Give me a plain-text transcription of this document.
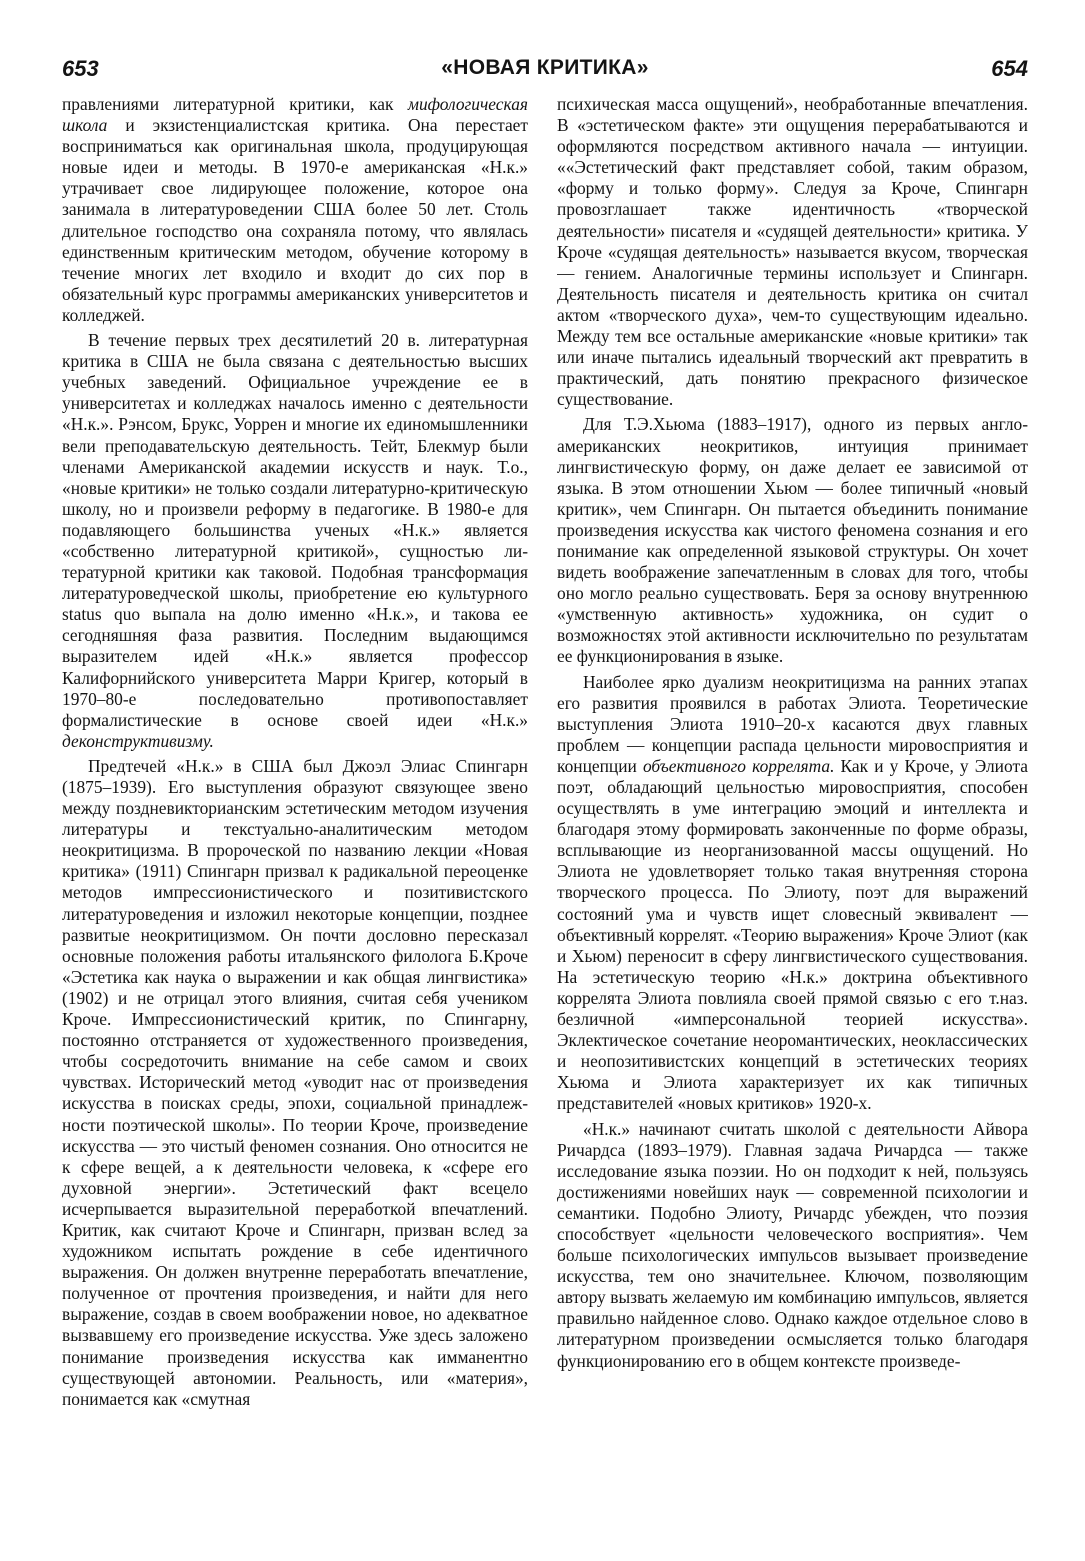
653	«НОВАЯ КРИТИКА»	654

правлениями литературной критики, как мифологическая школа и экзистенциалистская критика. Она перестает восприниматься как оригинальная школа, продуцирующая новые идеи и методы. В 1970-е американская «Н.к.» утрачивает свое лидирующее положение, которое она занимала в литературоведении США более 50 лет. Столь длительное господство она сохраняла потому, что являлась единственным критическим методом, обучение которому в течение многих лет входило и входит до сих пор в обязательный курс программы американских университетов и колледжей.

В течение первых трех десятилетий 20 в. литературная критика в США не была связана с деятельностью высших учебных заведений. Официальное учреждение ее в университетах и колледжах началось именно с деятельности «Н.к.». Рэнсом, Брукс, Уоррен и многие их единомышленники вели преподавательскую деятельность. Тейт, Блекмур были членами Американской академии искусств и наук. Т.о., «новые критики» не только создали литературно-критическую школу, но и произвели реформу в педагогике. В 1980-е для подавляющего большинства ученых «Н.к.» является «собственно литературной критикой», сущностью литературной критики как таковой. Подобная трансформация литературоведческой школы, приобретение ею культурного status quo выпала на долю именно «Н.к.», и такова ее сегодняшняя фаза развития. Последним выдающимся выразителем идей «Н.к.» является профессор Калифорнийского университета Марри Кригер, который в 1970–80-е последовательно противопоставляет формалистические в основе своей идеи «Н.к.» деконструктивизму.

Предтечей «Н.к.» в США был Джоэл Элиас Спингарн (1875–1939). Его выступления образуют связующее звено между поздневикторианским эстетическим методом изучения литературы и текстуально-аналитическим методом неокритицизма. В пророческой по названию лекции «Новая критика» (1911) Спингарн призвал к радикальной переоценке методов импрессионистического и позитивистского литературоведения и изложил некоторые концепции, позднее развитые неокритицизмом. Он почти дословно пересказал основные положения работы итальянского филолога Б.Кроче «Эстетика как наука о выражении и как общая лингвистика» (1902) и не отрицал этого влияния, считая себя учеником Кроче. Импрессионистический критик, по Спингарну, постоянно отстраняется от художественного произведения, чтобы сосредоточить внимание на себе самом и своих чувствах. Исторический метод «уводит нас от произведения искусства в поисках среды, эпохи, социальной принадлежности поэтической школы». По теории Кроче, произведение искусства — это чистый феномен сознания. Оно относится не к сфере вещей, а к деятельности человека, к «сфере его духовной энергии». Эстетический факт всецело исчерпывается выразительной переработкой впечатлений. Критик, как считают Кроче и Спингарн, призван вслед за художником испытать рождение в себе идентичного выражения. Он должен внутренне переработать впечатление, полученное от прочтения произведения, и найти для него выражение, создав в своем воображении новое, но адекватное вызвавшему его произведение искусства. Уже здесь заложено понимание произведения искусства как имманентно существующей автономии. Реальность, или «материя», понимается как «смутная

психическая масса ощущений», необработанные впечатления. В «эстетическом факте» эти ощущения перерабатываются и оформляются посредством активного начала — интуиции. ««Эстетический факт представляет собой, таким образом, «форму и только форму». Следуя за Кроче, Спингарн провозглашает также идентичность «творческой деятельности» писателя и «судящей деятельности» критика. У Кроче «судящая деятельность» называется вкусом, творческая — гением. Аналогичные термины использует и Спингарн. Деятельность писателя и деятельность критика он считал актом «творческого духа», чем-то существующим идеально. Между тем все остальные американские «новые критики» так или иначе пытались идеальный творческий акт превратить в практический, дать понятию прекрасного физическое существование.

Для Т.Э.Хьюма (1883–1917), одного из первых англо-американских неокритиков, интуиция принимает лингвистическую форму, он даже делает ее зависимой от языка. В этом отношении Хьюм — более типичный «новый критик», чем Спингарн. Он пытается объединить понимание произведения искусства как чистого феномена сознания и его понимание как определенной языковой структуры. Он хочет видеть воображение запечатленным в словах для того, чтобы оно могло реально существовать. Беря за основу внутреннюю «умственную активность» художника, он судит о возможностях этой активности исключительно по результатам ее функционирования в языке.

Наиболее ярко дуализм неокритицизма на ранних этапах его развития проявился в работах Элиота. Теоретические выступления Элиота 1910–20-х касаются двух главных проблем — концепции распада цельности мировосприятия и концепции объективного коррелята. Как и у Кроче, у Элиота поэт, обладающий цельностью мировосприятия, способен осуществлять в уме интеграцию эмоций и интеллекта и благодаря этому формировать законченные по форме образы, всплывающие из неорганизованной массы ощущений. Но Элиота не удовлетворяет только такая внутренняя сторона творческого процесса. По Элиоту, поэт для выражений состояний ума и чувств ищет словесный эквивалент — объективный коррелят. «Теорию выражения» Кроче Элиот (как и Хьюм) переносит в сферу лингвистического существования. На эстетическую теорию «Н.к.» доктрина объективного коррелята Элиота повлияла своей прямой связью с его т.наз. безличной «имперсональной теорией искусства». Эклектическое сочетание неоромантических, неоклассических и неопозитивистских концепций в эстетических теориях Хьюма и Элиота характеризует их как типичных представителей «новых критиков» 1920-х.

«Н.к.» начинают считать школой с деятельности Айвора Ричардса (1893–1979). Главная задача Ричардса — также исследование языка поэзии. Но он подходит к ней, пользуясь достижениями новейших наук — современной психологии и семантики. Подобно Элиоту, Ричардс убежден, что поэзия способствует «цельности человеческого восприятия». Чем больше психологических импульсов вызывает произведение искусства, тем оно значительнее. Ключом, позволяющим автору вызвать желаемую им комбинацию импульсов, является правильно найденное слово. Однако каждое отдельное слово в литературном произведении осмысляется только благодаря функционированию его в общем контексте произведе-
